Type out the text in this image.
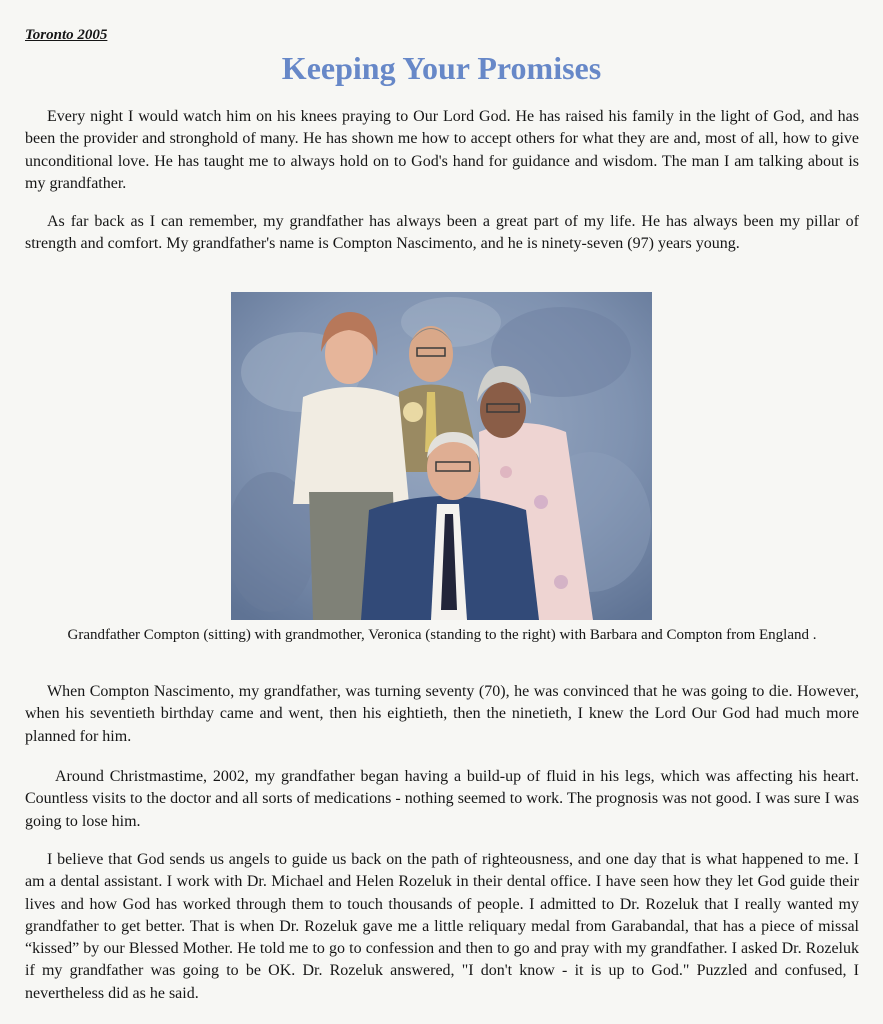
Toronto 2005

Keeping Your Promises

Every night I would watch him on his knees praying to Our Lord God. He has raised his family in the light of God, and has been the provider and stronghold of many. He has shown me how to accept others for what they are and, most of all, how to give unconditional love. He has taught me to always hold on to God's hand for guidance and wisdom. The man I am talking about is my grandfather.

As far back as I can remember, my grandfather has always been a great part of my life. He has always been my pillar of strength and comfort. My grandfather's name is Compton Nascimento, and he is ninety-seven (97) years young.

Grandfather Compton (sitting) with grandmother, Veronica (standing to the right) with Barbara and Compton from England .

When Compton Nascimento, my grandfather, was turning seventy (70), he was convinced that he was going to die. However, when his seventieth birthday came and went, then his eightieth, then the ninetieth, I knew the Lord Our God had much more planned for him.

Around Christmastime, 2002, my grandfather began having a build-up of fluid in his legs, which was affecting his heart. Countless visits to the doctor and all sorts of medications - nothing seemed to work. The prognosis was not good. I was sure I was going to lose him.

I believe that God sends us angels to guide us back on the path of righteousness, and one day that is what happened to me. I am a dental assistant. I work with Dr. Michael and Helen Rozeluk in their dental office. I have seen how they let God guide their lives and how God has worked through them to touch thousands of people. I admitted to Dr. Rozeluk that I really wanted my grandfather to get better. That is when Dr. Rozeluk gave me a little reliquary medal from Garabandal, that has a piece of missal “kissed” by our Blessed Mother. He told me to go to confession and then to go and pray with my grandfather. I asked Dr. Rozeluk if my grandfather was going to be OK. Dr. Rozeluk answered, "I don't know - it is up to God." Puzzled and confused, I nevertheless did as he said.
